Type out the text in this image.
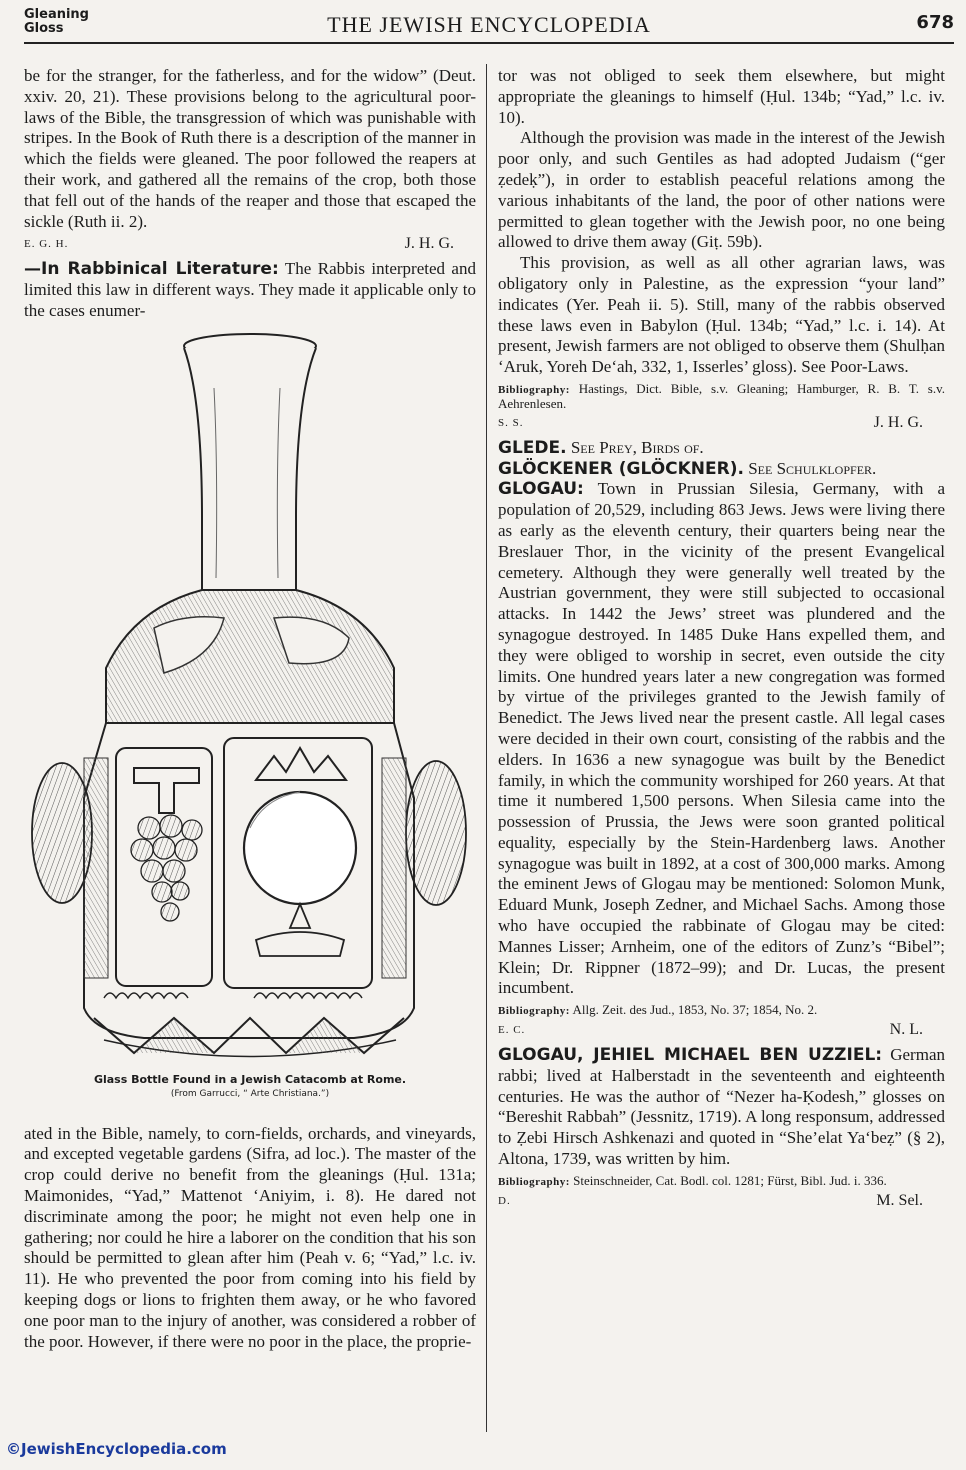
Gleaning
Gloss	THE JEWISH ENCYCLOPEDIA	678

be for the stranger, for the fatherless, and for the widow” (Deut. xxiv. 20, 21). These provisions belong to the agricultural poor-laws of the Bible, the transgression of which was punishable with stripes. In the Book of Ruth there is a description of the manner in which the fields were gleaned. The poor followed the reapers at their work, and gathered all the remains of the crop, both those that fell out of the hands of the reaper and those that escaped the sickle (Ruth ii. 2).

E. G. H.	J. H. G.

—In Rabbinical Literature: The Rabbis interpreted and limited this law in different ways. They made it applicable only to the cases enumer-

Glass Bottle Found in a Jewish Catacomb at Rome.
(From Garrucci, “ Arte Christiana.”)

ated in the Bible, namely, to corn-fields, orchards, and vineyards, and excepted vegetable gardens (Sifra, ad loc.). The master of the crop could derive no benefit from the gleanings (Ḥul. 131a; Maimonides, “Yad,” Mattenot ‘Aniyim, i. 8). He dared not discriminate among the poor; he might not even help one in gathering; nor could he hire a laborer on the condition that his son should be permitted to glean after him (Peah v. 6; “Yad,” l.c. iv. 11). He who prevented the poor from coming into his field by keeping dogs or lions to frighten them away, or he who favored one poor man to the injury of another, was considered a robber of the poor. However, if there were no poor in the place, the proprie-

tor was not obliged to seek them elsewhere, but might appropriate the gleanings to himself (Ḥul. 134b; “Yad,” l.c. iv. 10).

Although the provision was made in the interest of the Jewish poor only, and such Gentiles as had adopted Judaism (“ger ẓedeḳ”), in order to establish peaceful relations among the various inhabitants of the land, the poor of other nations were permitted to glean together with the Jewish poor, no one being allowed to drive them away (Giṭ. 59b).

This provision, as well as all other agrarian laws, was obligatory only in Palestine, as the expression “your land” indicates (Yer. Peah ii. 5). Still, many of the rabbis observed these laws even in Babylon (Ḥul. 134b; “Yad,” l.c. i. 14). At present, Jewish farmers are not obliged to observe them (Shulḥan ‘Aruk, Yoreh De‘ah, 332, 1, Isserles’ gloss). See Poor-Laws.

Bibliography: Hastings, Dict. Bible, s.v. Gleaning; Hamburger, R. B. T. s.v. Aehrenlesen.
S. S.	J. H. G.

GLEDE. See Prey, Birds of.

GLÖCKENER (GLÖCKNER). See Schulklopfer.

GLOGAU: Town in Prussian Silesia, Germany, with a population of 20,529, including 863 Jews. Jews were living there as early as the eleventh century, their quarters being near the Breslauer Thor, in the vicinity of the present Evangelical cemetery. Although they were generally well treated by the Austrian government, they were still subjected to occasional attacks. In 1442 the Jews’ street was plundered and the synagogue destroyed. In 1485 Duke Hans expelled them, and they were obliged to worship in secret, even outside the city limits. One hundred years later a new congregation was formed by virtue of the privileges granted to the Jewish family of Benedict. The Jews lived near the present castle. All legal cases were decided in their own court, consisting of the rabbis and the elders. In 1636 a new synagogue was built by the Benedict family, in which the community worshiped for 260 years. At that time it numbered 1,500 persons. When Silesia came into the possession of Prussia, the Jews were soon granted political equality, especially by the Stein-Hardenberg laws. Another synagogue was built in 1892, at a cost of 300,000 marks. Among the eminent Jews of Glogau may be mentioned: Solomon Munk, Eduard Munk, Joseph Zedner, and Michael Sachs. Among those who have occupied the rabbinate of Glogau may be cited: Mannes Lisser; Arnheim, one of the editors of Zunz’s “Bibel”; Klein; Dr. Rippner (1872–99); and Dr. Lucas, the present incumbent.

Bibliography: Allg. Zeit. des Jud., 1853, No. 37; 1854, No. 2.
E. C.	N. L.

GLOGAU, JEHIEL MICHAEL BEN UZZIEL: German rabbi; lived at Halberstadt in the seventeenth and eighteenth centuries. He was the author of “Nezer ha-Ḳodesh,” glosses on “Bereshit Rabbah” (Jessnitz, 1719). A long responsum, addressed to Ẓebi Hirsch Ashkenazi and quoted in “She’elat Ya‘beẓ” (§ 2), Altona, 1739, was written by him.

Bibliography: Steinschneider, Cat. Bodl. col. 1281; Fürst, Bibl. Jud. i. 336.
D.	M. Sel.
©JewishEncyclopedia.com
